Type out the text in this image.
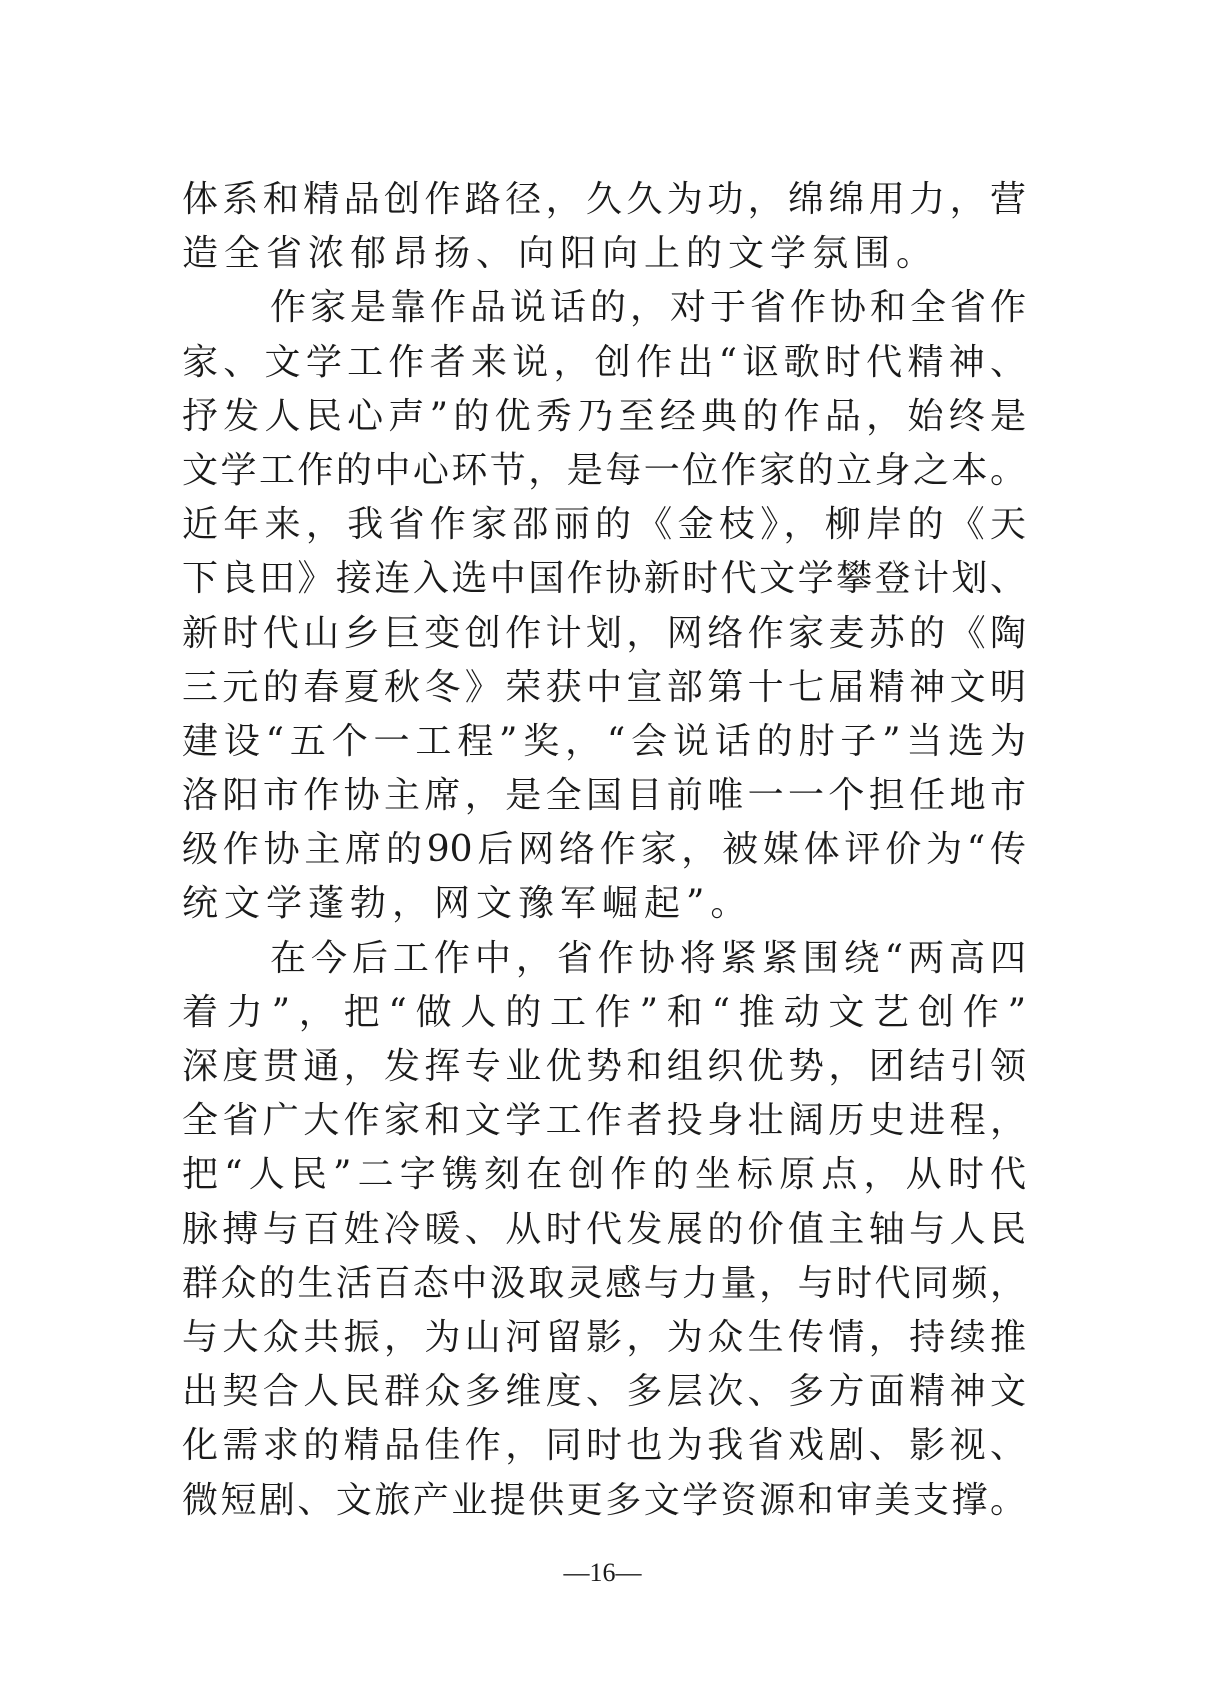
体系和精品创作路径，久久为功，绵绵用力，营
造全省浓郁昂扬、向阳向上的文学氛围。
作家是靠作品说话的，对于省作协和全省作
家、文学工作者来说，创作出“讴歌时代精神、
抒发人民心声”的优秀乃至经典的作品，始终是
文学工作的中心环节，是每一位作家的立身之本。
近年来，我省作家邵丽的《金枝》，柳岸的《天
下良田》接连入选中国作协新时代文学攀登计划、
新时代山乡巨变创作计划，网络作家麦苏的《陶
三元的春夏秋冬》荣获中宣部第十七届精神文明
建设“五个一工程”奖，“会说话的肘子”当选为
洛阳市作协主席，是全国目前唯一一个担任地市
级作协主席的90后网络作家，被媒体评价为“传
统文学蓬勃，网文豫军崛起”。
在今后工作中，省作协将紧紧围绕“两高四
着力”，把“做人的工作”和“推动文艺创作”
深度贯通，发挥专业优势和组织优势，团结引领
全省广大作家和文学工作者投身壮阔历史进程，
把“人民”二字镌刻在创作的坐标原点，从时代
脉搏与百姓冷暖、从时代发展的价值主轴与人民
群众的生活百态中汲取灵感与力量，与时代同频，
与大众共振，为山河留影，为众生传情，持续推
出契合人民群众多维度、多层次、多方面精神文
化需求的精品佳作，同时也为我省戏剧、影视、
微短剧、文旅产业提供更多文学资源和审美支撑。
—16—
